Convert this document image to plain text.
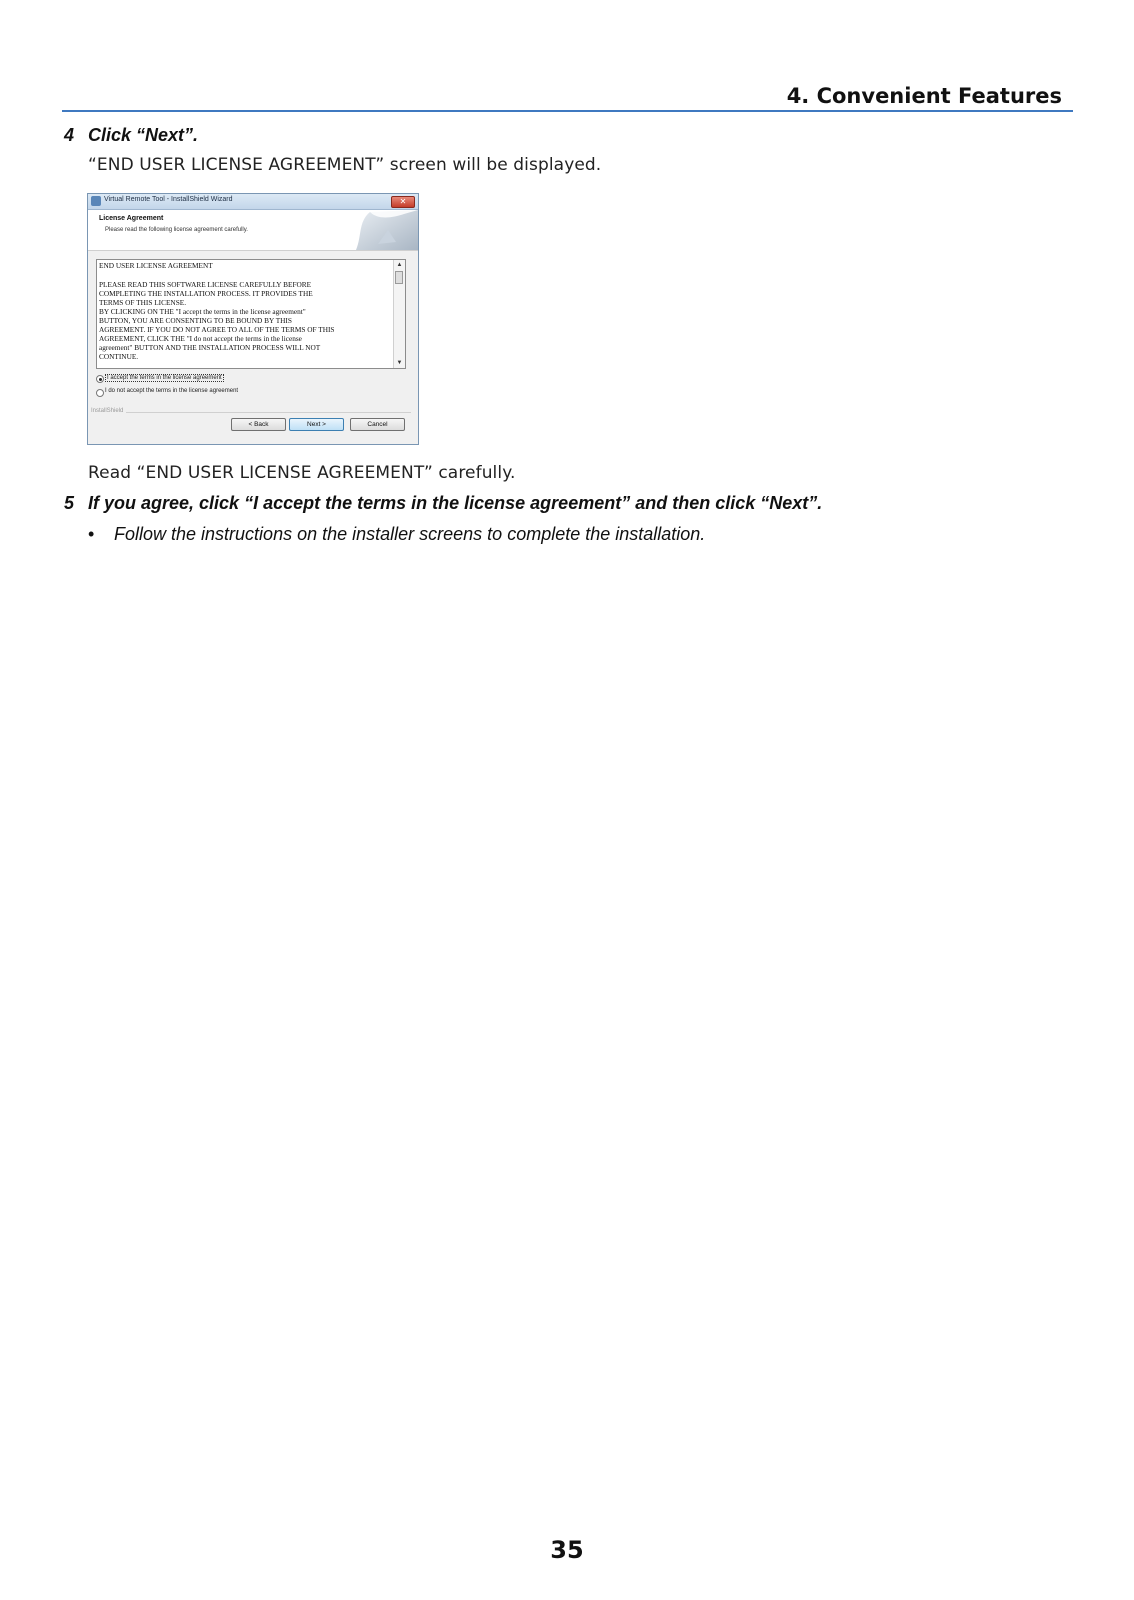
4. Convenient Features
4 Click “Next”.
“END USER LICENSE AGREEMENT” screen will be displayed.
Virtual Remote Tool - InstallShield Wizard	✕
License Agreement
Please read the following license agreement carefully.
END USER LICENSE AGREEMENT
PLEASE READ THIS SOFTWARE LICENSE CAREFULLY BEFORE
COMPLETING THE INSTALLATION PROCESS. IT PROVIDES THE
TERMS OF THIS LICENSE.
BY CLICKING ON THE "I accept the terms in the license agreement"
BUTTON, YOU ARE CONSENTING TO BE BOUND BY THIS
AGREEMENT. IF YOU DO NOT AGREE TO ALL OF THE TERMS OF THIS
AGREEMENT, CLICK THE "I do not accept the terms in the license
agreement" BUTTON AND THE INSTALLATION PROCESS WILL NOT
CONTINUE.
▲
▼
I accept the terms in the license agreement
I do not accept the terms in the license agreement
InstallShield
< Back	Next >	Cancel
Read “END USER LICENSE AGREEMENT” carefully.
5 If you agree, click “I accept the terms in the license agreement” and then click “Next”.
• Follow the instructions on the installer screens to complete the installation.
35
